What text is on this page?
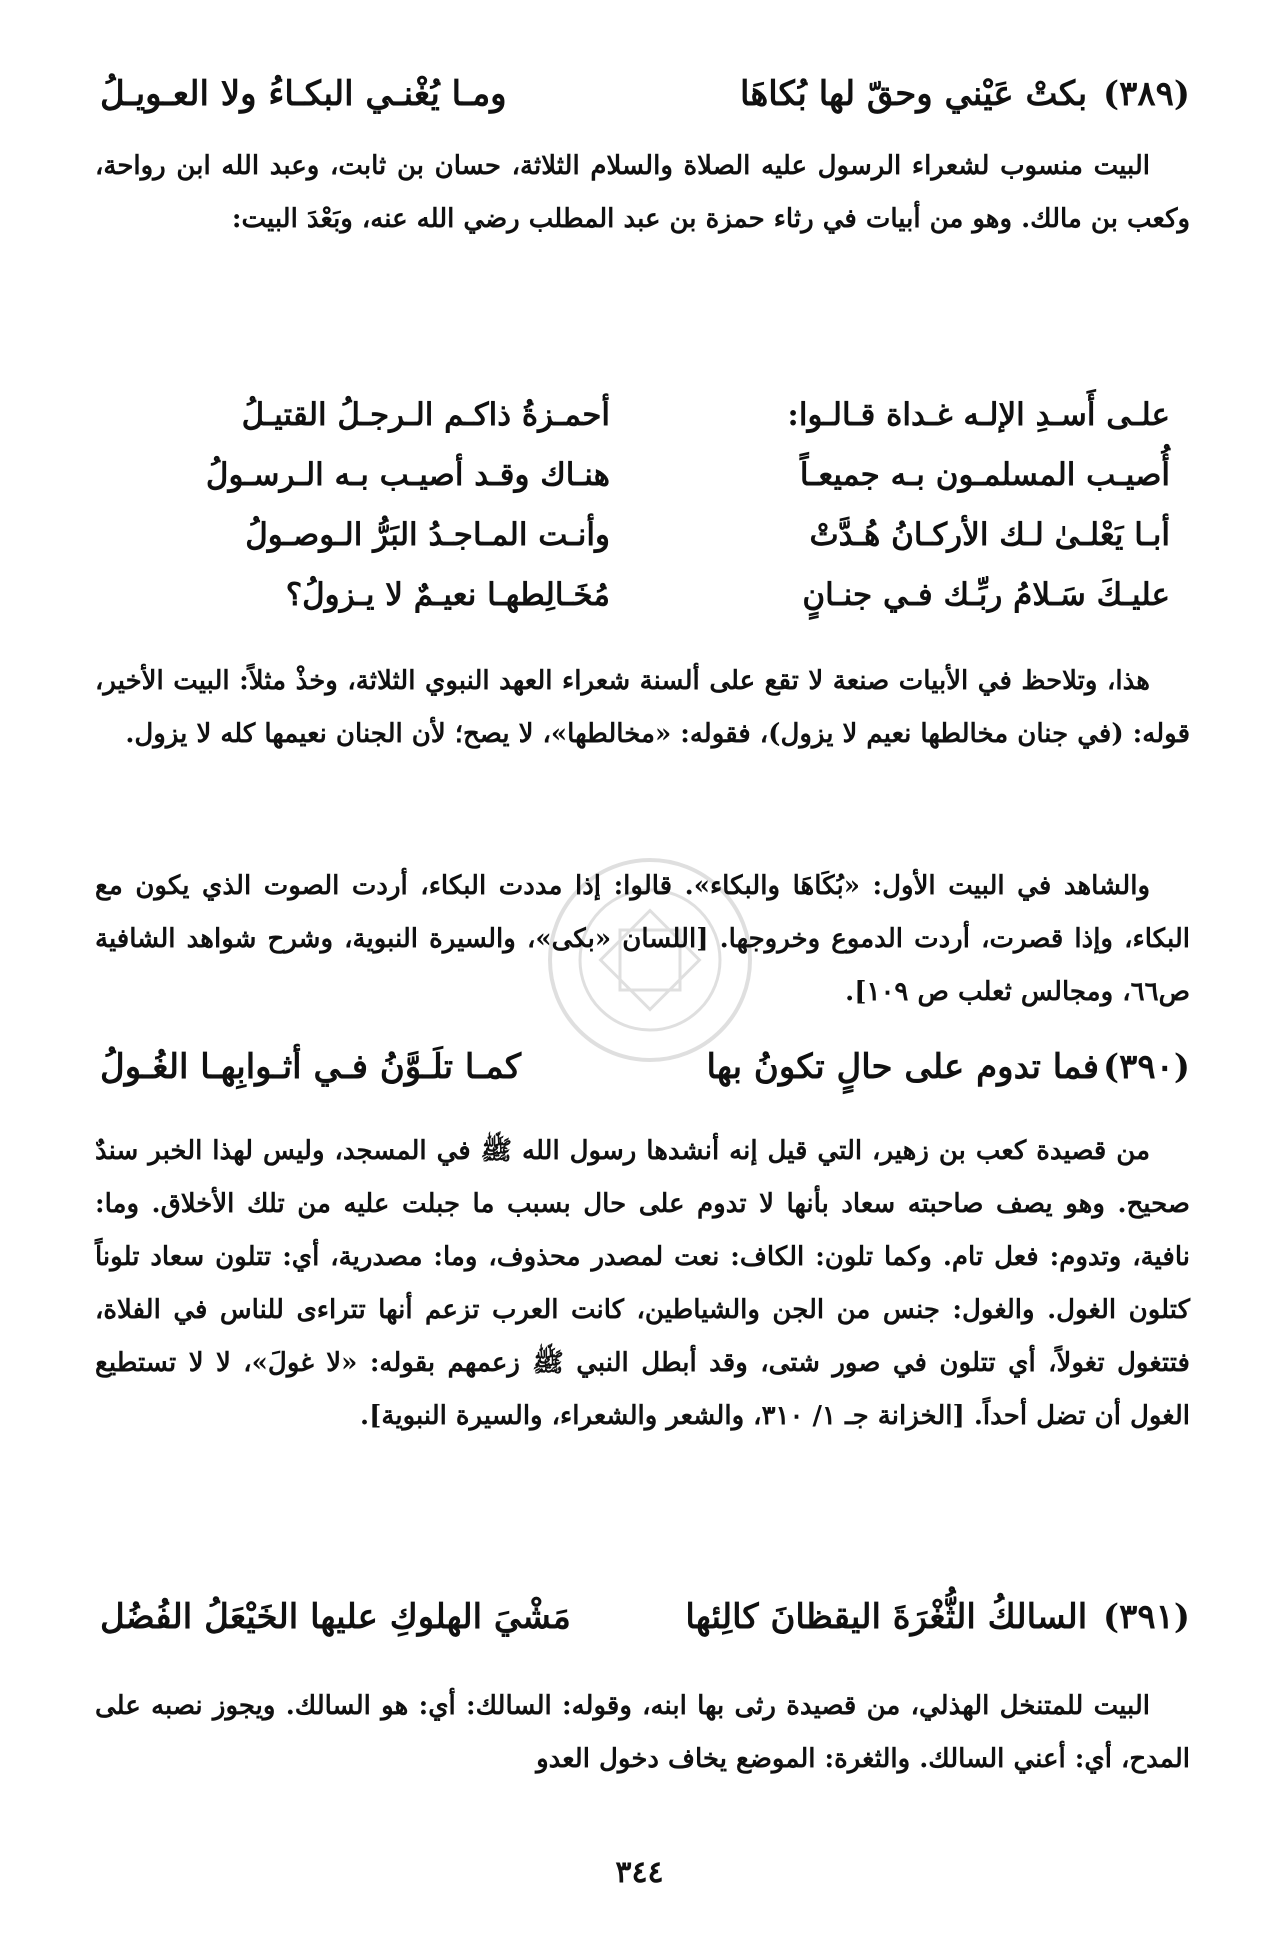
(٣٨٩) بكتْ عَيْني وحقّ لها بُكاهَا
ومـا يُغْنـي البكـاءُ ولا العـويـلُ

البيت منسوب لشعراء الرسول عليه الصلاة والسلام الثلاثة، حسان بن ثابت، وعبد الله ابن رواحة، وكعب بن مالك. وهو من أبيات في رثاء حمزة بن عبد المطلب رضي الله عنه، وبَعْدَ البيت:

علـى أَسـدِ الإلـه غـداة قـالـوا:
أحمـزةُ ذاكـم الـرجـلُ القتيـلُ
أُصيـب المسلمـون بـه جميعـاً
هنـاك وقـد أصيـب بـه الـرسـولُ
أبـا يَعْلـىٰ لـك الأركـانُ هُـدَّتْ
وأنـت المـاجـدُ البَرُّ الـوصـولُ
عليـكَ سَـلامُ ربِّـك فـي جنـانٍ
مُخَـالِطهـا نعيـمٌ لا يـزولُ؟

هذا، وتلاحظ في الأبيات صنعة لا تقع على ألسنة شعراء العهد النبوي الثلاثة، وخذْ مثلاً: البيت الأخير، قوله: (في جنان مخالطها نعيم لا يزول)، فقوله: «مخالطها»، لا يصح؛ لأن الجنان نعيمها كله لا يزول.

والشاهد في البيت الأول: «بُكَاهَا والبكاء». قالوا: إذا مددت البكاء، أردت الصوت الذي يكون مع البكاء، وإذا قصرت، أردت الدموع وخروجها. [اللسان «بكى»، والسيرة النبوية، وشرح شواهد الشافية ص٦٦، ومجالس ثعلب ص ١٠٩].

(٣٩٠)فما تدوم على حالٍ تكونُ بها
كمـا تلَـوَّنُ فـي أثـوابِهـا الغُـولُ

من قصيدة كعب بن زهير، التي قيل إنه أنشدها رسول الله ﷺ في المسجد، وليس لهذا الخبر سندٌ صحيح. وهو يصف صاحبته سعاد بأنها لا تدوم على حال بسبب ما جبلت عليه من تلك الأخلاق. وما: نافية، وتدوم: فعل تام. وكما تلون: الكاف: نعت لمصدر محذوف، وما: مصدرية، أي: تتلون سعاد تلوناً كتلون الغول. والغول: جنس من الجن والشياطين، كانت العرب تزعم أنها تتراءى للناس في الفلاة، فتتغول تغولاً، أي تتلون في صور شتى، وقد أبطل النبي ﷺ زعمهم بقوله: «لا غولَ»، لا لا تستطيع الغول أن تضل أحداً. [الخزانة جـ ١/ ٣١٠، والشعر والشعراء، والسيرة النبوية].

(٣٩١) السالكُ الثُّغْرَةَ اليقظانَ كالِئها
مَشْيَ الهلوكِ عليها الخَيْعَلُ الفُضُل

البيت للمتنخل الهذلي، من قصيدة رثى بها ابنه، وقوله: السالك: أي: هو السالك. ويجوز نصبه على المدح، أي: أعني السالك. والثغرة: الموضع يخاف دخول العدو

٣٤٤
